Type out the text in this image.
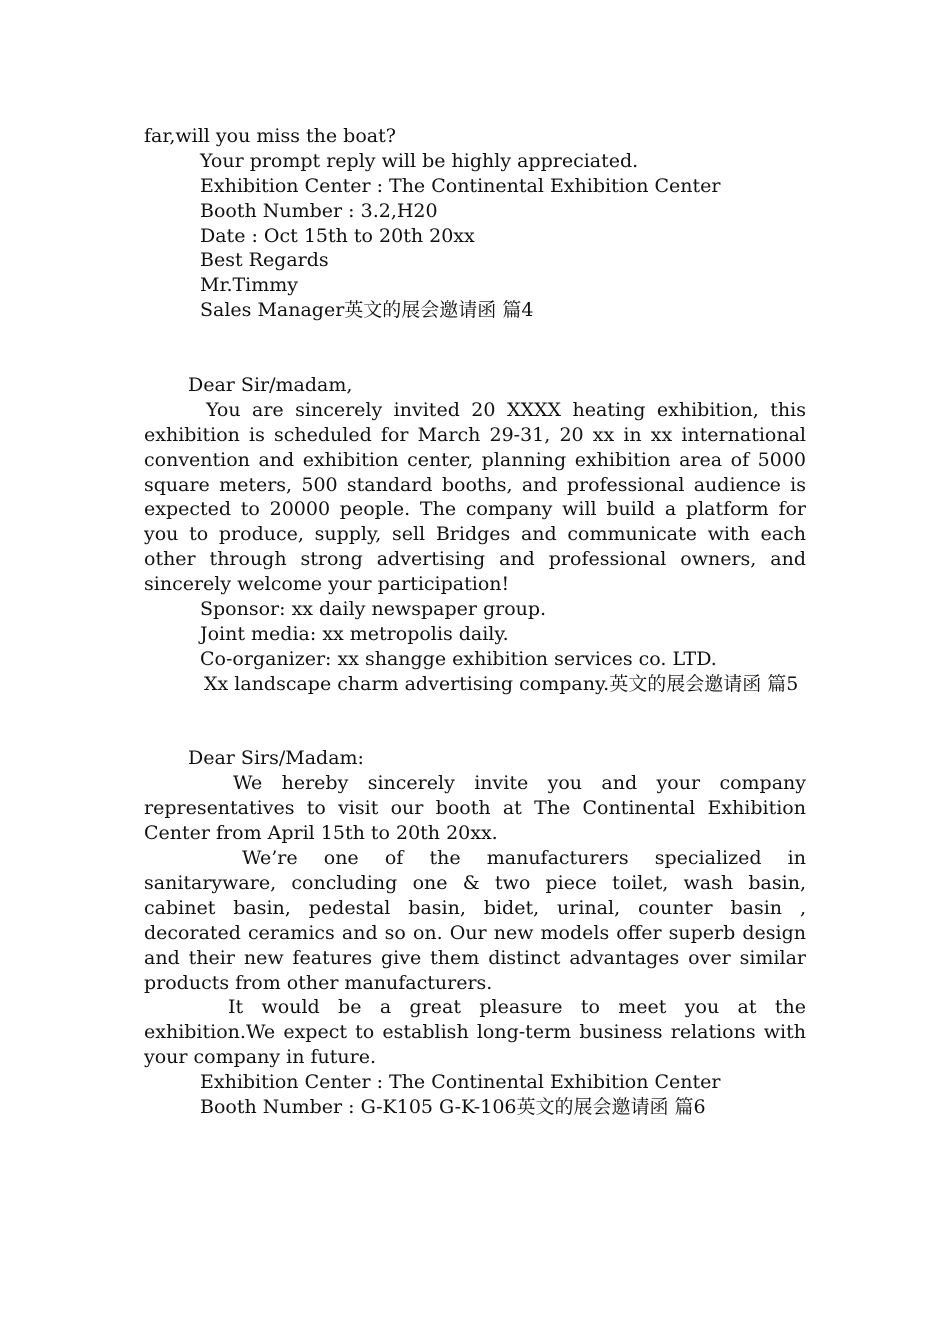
far,will you miss the boat?

Your prompt reply will be highly appreciated.

Exhibition Center : The Continental Exhibition Center

Booth Number : 3.2,H20

Date : Oct 15th to 20th 20xx

Best Regards

Mr.Timmy

Sales Manager英文的展会邀请函 篇4

Dear Sir/madam,

You are sincerely invited 20 XXXX heating exhibition, this exhibition is scheduled for March 29-31, 20 xx in xx international convention and exhibition center, planning exhibition area of 5000 square meters, 500 standard booths, and professional audience is expected to 20000 people. The company will build a platform for you to produce, supply, sell Bridges and communicate with each other through strong advertising and professional owners, and sincerely welcome your participation!

Sponsor: xx daily newspaper group.

Joint media: xx metropolis daily.

Co-organizer: xx shangge exhibition services co. LTD.

Xx landscape charm advertising company.英文的展会邀请函 篇5

Dear Sirs/Madam:

We hereby sincerely invite you and your company representatives to visit our booth at The Continental Exhibition Center from April 15th to 20th 20xx.

We’re one of the manufacturers specialized in sanitaryware, concluding one & two piece toilet, wash basin, cabinet basin, pedestal basin, bidet, urinal, counter basin , decorated ceramics and so on. Our new models offer superb design and their new features give them distinct advantages over similar products from other manufacturers.

It would be a great pleasure to meet you at the exhibition.We expect to establish long-term business relations with your company in future.

Exhibition Center : The Continental Exhibition Center

Booth Number : G-K105 G-K-106英文的展会邀请函 篇6
